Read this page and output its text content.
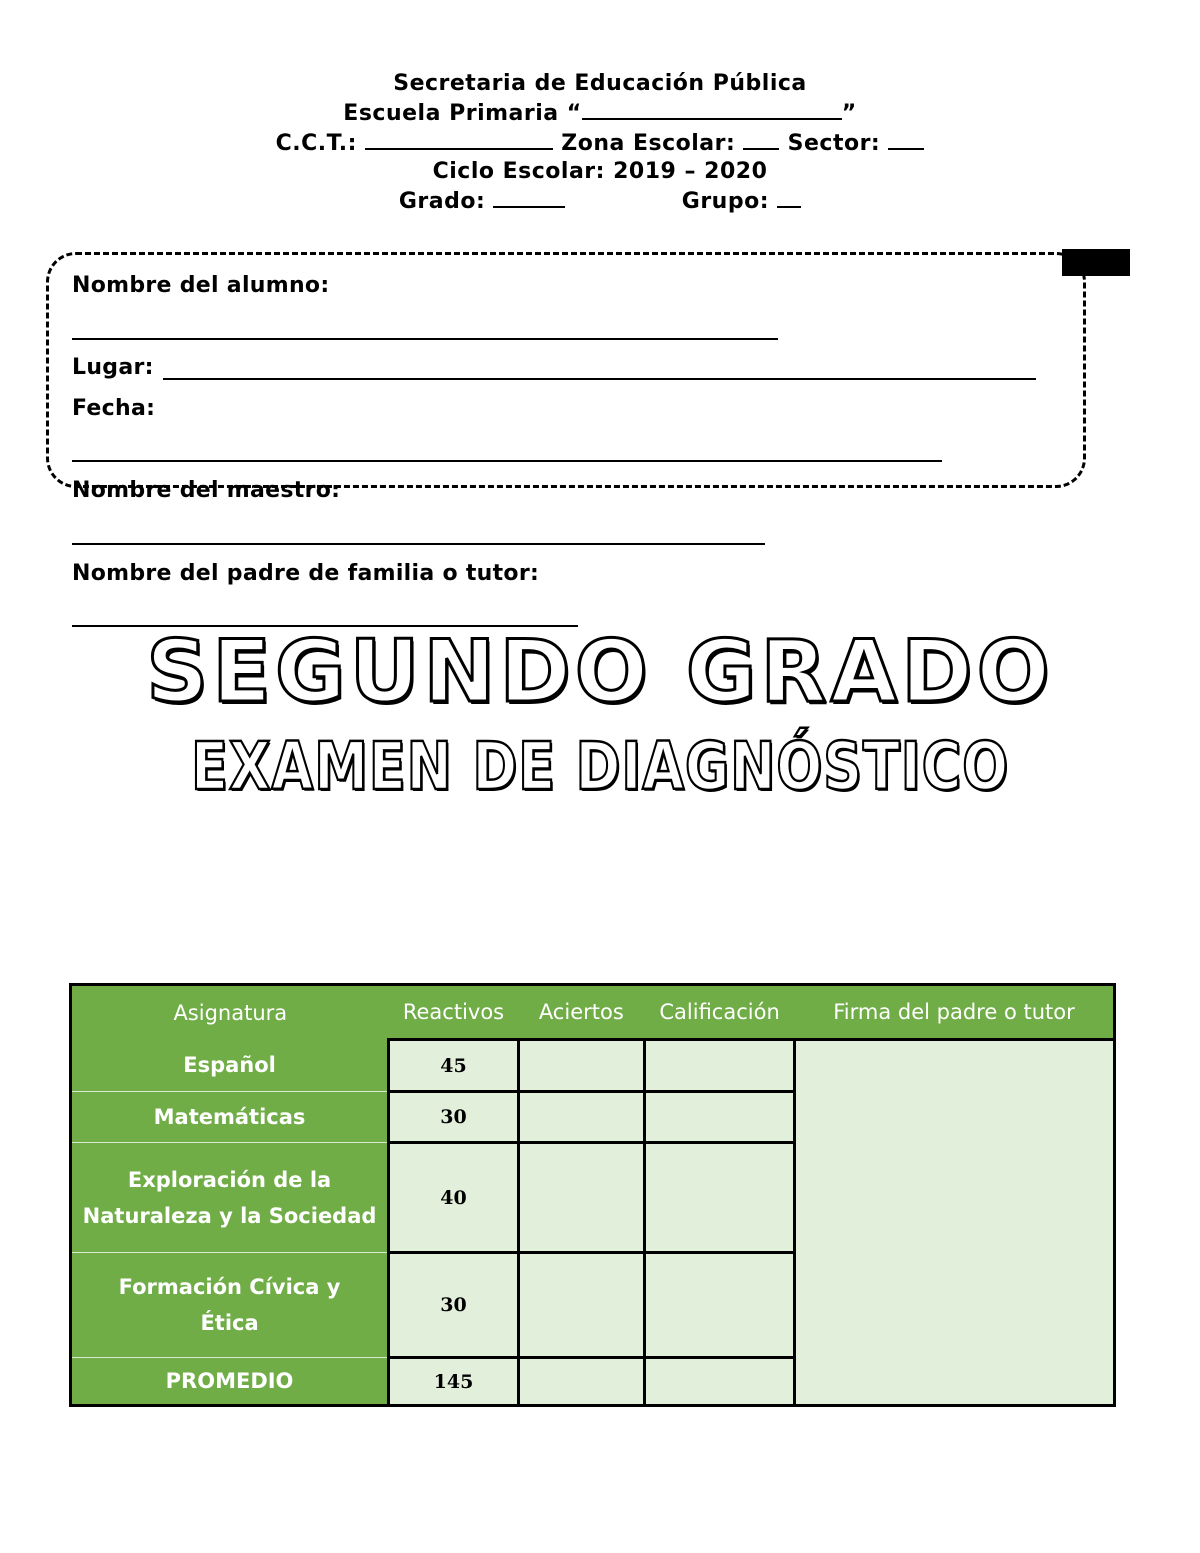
Secretaria de Educación Pública
Escuela Primaria “	”
C.C.T.:	Zona Escolar: Sector:
Ciclo Escolar: 2019 – 2020
Grado:	Grupo:
Nombre del alumno:
Lugar:
Fecha:
Nombre del maestro:
Nombre del padre de familia o tutor:
SEGUNDO GRADO
EXAMEN DE DIAGNÓSTICO
Asignatura	Reactivos	Aciertos	Calificación	Firma del padre o tutor
Español	45			
Matemáticas	30			
Exploración de la Naturaleza y la Sociedad	40			
Formación Cívica y Ética	30			
PROMEDIO	145			
